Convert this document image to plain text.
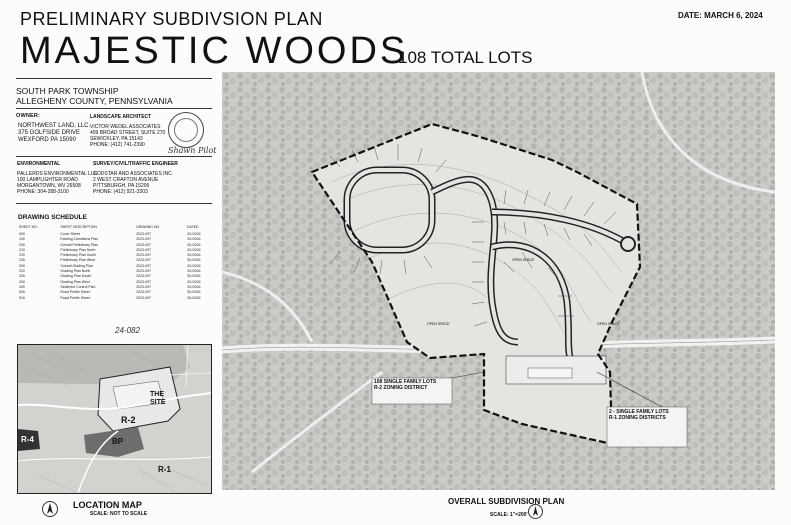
PRELIMINARY SUBDIVSION PLAN
MAJESTIC WOODS
108 TOTAL LOTS
DATE: MARCH 6, 2024
SOUTH PARK TOWNSHIP
ALLEGHENY COUNTY, PENNSYLVANIA
OWNER:
NORTHWEST LAND, LLC.
375 GOLFSIDE DRIVE
WEXFORD PA 15090
LANDSCAPE ARCHITECT
VICTOR WEDEL ASSOCIATES
409 BROAD STREET, SUITE 270
SEWICKLEY, PA 15143
PHONE: (412) 741-2390
Shawn Pilot
ENVIRONMENTAL
PALLERDS ENVIRONMENTAL LLC
100 LAMPLIGHTER ROAD
MORGANTOWN, WV 26508
PHONE: 304-288-3100
SURVEY/CIVIL/TRAFFIC ENGINEER
GODSTAR AND ASSOCIATES INC.
2 WEST CRAFTON AVENUE
PITTSBURGH, PA 15205
PHONE: (412) 921-3303
DRAWING SCHEDULE
SHEET NO.	SHEET DESCRIPTION	DRAWING NO.	DATED
000	Cover Sheet	2023-097	3/1/2024
100	Existing Conditions Plan	2023-097	3/1/2024
200	Overall Preliminary Plan	2023-097	3/1/2024
210	Preliminary Plan North	2023-097	3/1/2024
220	Preliminary Plan South	2023-097	3/1/2024
230	Preliminary Plan West	2023-097	3/1/2024
300	Overall Grading Plan	2023-097	3/1/2024
310	Grading Plan North	2023-097	3/1/2024
320	Grading Plan South	2023-097	3/1/2024
330	Grading Plan West	2023-097	3/1/2024
400	Sediment Control Plan	2023-097	3/1/2024
500	Road Profile Sheet	2023-097	3/1/2024
510	Road Profile Sheet	2023-097	3/1/2024
24-082
R-2
THE SITE
R-4	BP
R-1
LOCATION MAP
SCALE: NOT TO SCALE
108 SINGLE FAMILY LOTS
R-2 ZONING DISTRICT
2 - SINGLE FAMILY LOTS
R-1 ZONING DISTRICTS
OPEN SPACE
OPEN SPACE	OPEN SPACE
OVERALL SUBDIVISION PLAN
SCALE: 1"=200'
